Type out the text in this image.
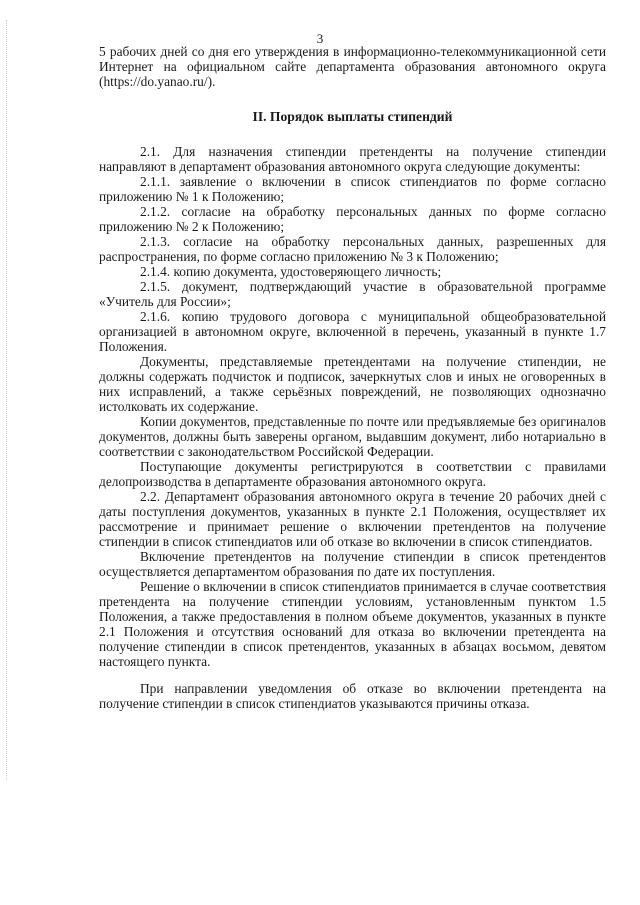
3

5 рабочих дней со дня его утверждения в информационно-телекоммуникационной сети Интернет на официальном сайте департамента образования автономного округа (https://do.yanao.ru/).

II. Порядок выплаты стипендий

2.1. Для назначения стипендии претенденты на получение стипендии направляют в департамент образования автономного округа следующие документы:

2.1.1. заявление о включении в список стипендиатов по форме согласно приложению № 1 к Положению;

2.1.2. согласие на обработку персональных данных по форме согласно приложению № 2 к Положению;

2.1.3. согласие на обработку персональных данных, разрешенных для распространения, по форме согласно приложению № 3 к Положению;

2.1.4. копию документа, удостоверяющего личность;

2.1.5. документ, подтверждающий участие в образовательной программе «Учитель для России»;

2.1.6. копию трудового договора с муниципальной общеобразовательной организацией в автономном округе, включенной в перечень, указанный в пункте 1.7 Положения.

Документы, представляемые претендентами на получение стипендии, не должны содержать подчисток и подписок, зачеркнутых слов и иных не оговоренных в них исправлений, а также серьёзных повреждений, не позволяющих однозначно истолковать их содержание.

Копии документов, представленные по почте или предъявляемые без оригиналов документов, должны быть заверены органом, выдавшим документ, либо нотариально в соответствии с законодательством Российской Федерации.

Поступающие документы регистрируются в соответствии с правилами делопроизводства в департаменте образования автономного округа.

2.2. Департамент образования автономного округа в течение 20 рабочих дней с даты поступления документов, указанных в пункте 2.1 Положения, осуществляет их рассмотрение и принимает решение о включении претендентов на получение стипендии в список стипендиатов или об отказе во включении в список стипендиатов.

Включение претендентов на получение стипендии в список претендентов осуществляется департаментом образования по дате их поступления.

Решение о включении в список стипендиатов принимается в случае соответствия претендента на получение стипендии условиям, установленным пунктом 1.5 Положения, а также предоставления в полном объеме документов, указанных в пункте 2.1 Положения и отсутствия оснований для отказа во включении претендента на получение стипендии в список претендентов, указанных в абзацах восьмом, девятом настоящего пункта.

При направлении уведомления об отказе во включении претендента на получение стипендии в список стипендиатов указываются причины отказа.
